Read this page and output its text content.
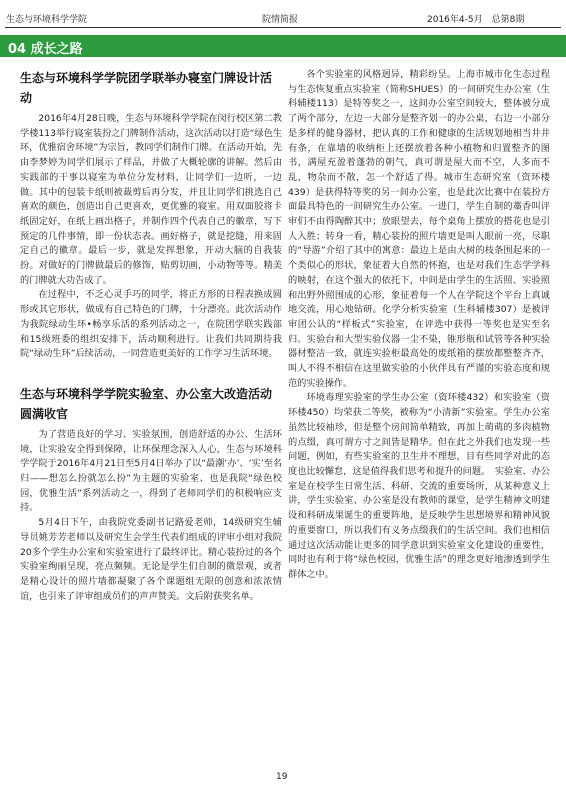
生态与环境科学学院	院情简报	2016年4-5月　总第8期
04 成长之路
生态与环境科学学院团学联举办寝室门牌设计活动

2016年4月28日晚，生态与环境科学学院在闵行校区第二教学楼113举行寝室装扮之门牌制作活动，这次活动以打造“绿色生环，优雅宿舍环境”为宗旨，教同学们制作门牌。在活动开始，先由李梦婷为同学们展示了样品，并做了大概轮廓的讲解。然后由实践部的干事以寝室为单位分发材料，让同学们一边听，一边做。其中的包装卡纸则被裁剪后再分发，并且让同学们挑选自己喜欢的颜色，创造出自己更喜欢，更优雅的寝室。用双面胶将卡纸固定好，在纸上画出格子，并制作四个代表自己的徽章，写下预定的几件事情，即一份状态表。画好格子，就是挖缝，用来固定自己的徽章。最后一步，就是发挥想象，开动大脑的自我装扮。对做好的门牌做最后的修饰，贴剪切画，小动物等等。精美的门牌就大功告成了。

在过程中，不乏心灵手巧的同学，将正方形的日程表换成圆形或其它形状，做成有自己特色的门牌，十分漂亮。此次活动作为我院绿动生环•畅享乐活的系列活动之一，在院团学联实践部和15级班委的组织安排下，活动顺利进行。让我们共同期待我院“绿动生环”后续活动，一同营造更美好的工作学习生活环境。

生态与环境科学学院实验室、办公室大改造活动圆满收官

为了营造良好的学习、实验氛围，创造舒适的办公、生活环境，让实验安全得到保障，让环保理念深入人心，生态与环境科学学院于2016年4月21日至5月4日举办了以“最潮‘办’、‘实’至名归——想怎么扮就怎么扮”为主题的实验室、也是我院“绿色校园，优雅生活”系列活动之一，得到了老师同学们的积极响应支持。

5月4日下午，由我院党委副书记路爱老师，14级研究生辅导员姚芳芳老师以及研究生会学生代表们组成的评审小组对我院20多个学生办公室和实验室进行了最终评比。精心装扮过的各个实验室绚丽呈现，亮点频频。无论是学生们自制的微景观，或者是精心设计的照片墙都凝聚了各个课题组无限的创意和浓浓情谊，也引来了评审组成员们的声声赞美。文后附获奖名单。

各个实验室的风格迥异，精彩纷呈。上海市城市化生态过程与生态恢复重点实验室（简称SHUES）的一间研究生办公室（生科辅楼113）是特等奖之一，这间办公室空间较大，整体被分成了两个部分，左边一大部分是整齐划一的办公桌，右边一小部分是多样的健身器材，把认真的工作和健康的生活规划地相当井井有条，在靠墙的收纳柜上还摆放着各种小植物和归置整齐的图书，满屋充盈着蓬勃的朝气，真可谓是屋大而不空，人多而不乱，物杂而不散，怎一个舒适了得。城市生态研究室（资环楼439）是获得特等奖的另一间办公室，也是此次比赛中在装扮方面最具特色的一间研究生办公室。一进门，学生自制的藁香叫评审们不由得陶醉其中；放眼望去，每个桌角上摆放的搭花也是引人入胜；转身一看，精心装扮的照片墙更是叫人眼前一亮，尽职的“导游”介绍了其中的寓意：最边上是由大树的枝条围起来的一个类似心的形状，象征着大自然的怀抱，也是对我们生态学学科的映射，在这个强大的依托下，中间是由学生的生活照、实验照和出野外照围成的心形，象征着每一个人在学院这个平台上真诚地交流，用心地钻研。化学分析实验室（生科辅楼307）是被评审团公认的“样板式”实验室，在评选中获得一等奖也是实至名归。实验台和大型实验仪器一尘不染，锥形瓶和试管等各种实验器材整洁一致，就连实验柜最高处的废纸箱的摆放都整整齐齐，叫人不得不相信在这里做实验的小伙伴具有严谨的实验态度和规范的实验操作。

环境毒理实验室的学生办公室（资环楼432）和实验室（资环楼450）均荣获二等奖，被称为“小清新”实验室。学生办公室虽然比较袖珍，但是整个房间简单精致，再加上萌萌的多肉植物的点缀，真可谓方寸之间皆是精华。但在此之外我们也发现一些问题，例如，有些实验室的卫生并不理想，目有些同学对此的态度也比较懈怠，这是值得我们思考和提升的问题。　实验室、办公室是在校学生日常生活、科研、交流的重要场所，从某种意义上讲，学生实验室、办公室是没有教师的课堂，是学生精神文明建设和科研成果诞生的重要阵地，是反映学生思想境界和精神风貌的重要窗口，所以我们有义务点缀我们的生活空间。我们也相信通过这次活动能让更多的同学意识到实验室文化建设的重要性，同时也有利于将“绿色校园，优雅生活”的理念更好地渗透到学生群体之中。

19
